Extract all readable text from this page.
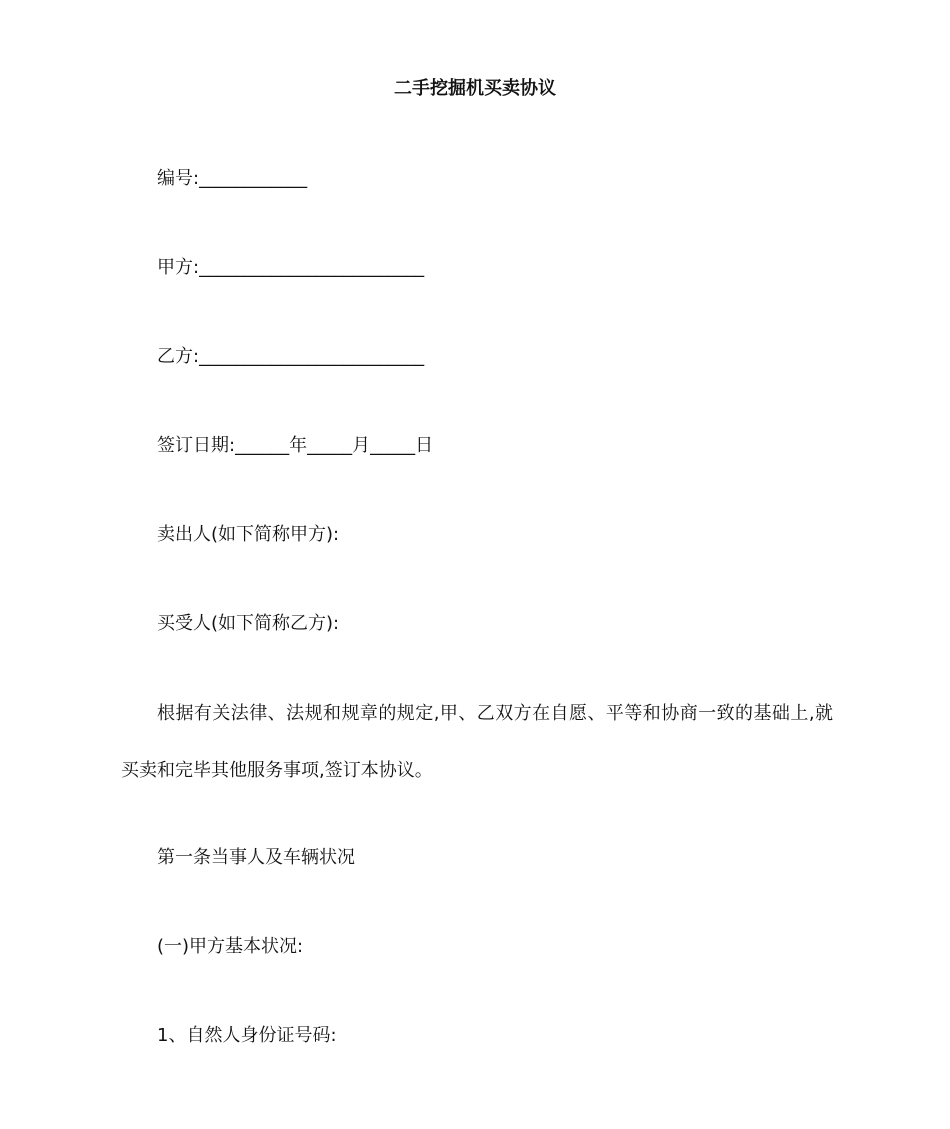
二手挖掘机买卖协议
编号:____________
甲方:_________________________
乙方:_________________________
签订日期:______年_____月_____日
卖出人(如下简称甲方):
买受人(如下简称乙方):
根据有关法律、法规和规章的规定,甲、乙双方在自愿、平等和协商一致的基础上,就买卖和完毕其他服务事项,签订本协议。
第一条当事人及车辆状况
(一)甲方基本状况:
1、自然人身份证号码:
